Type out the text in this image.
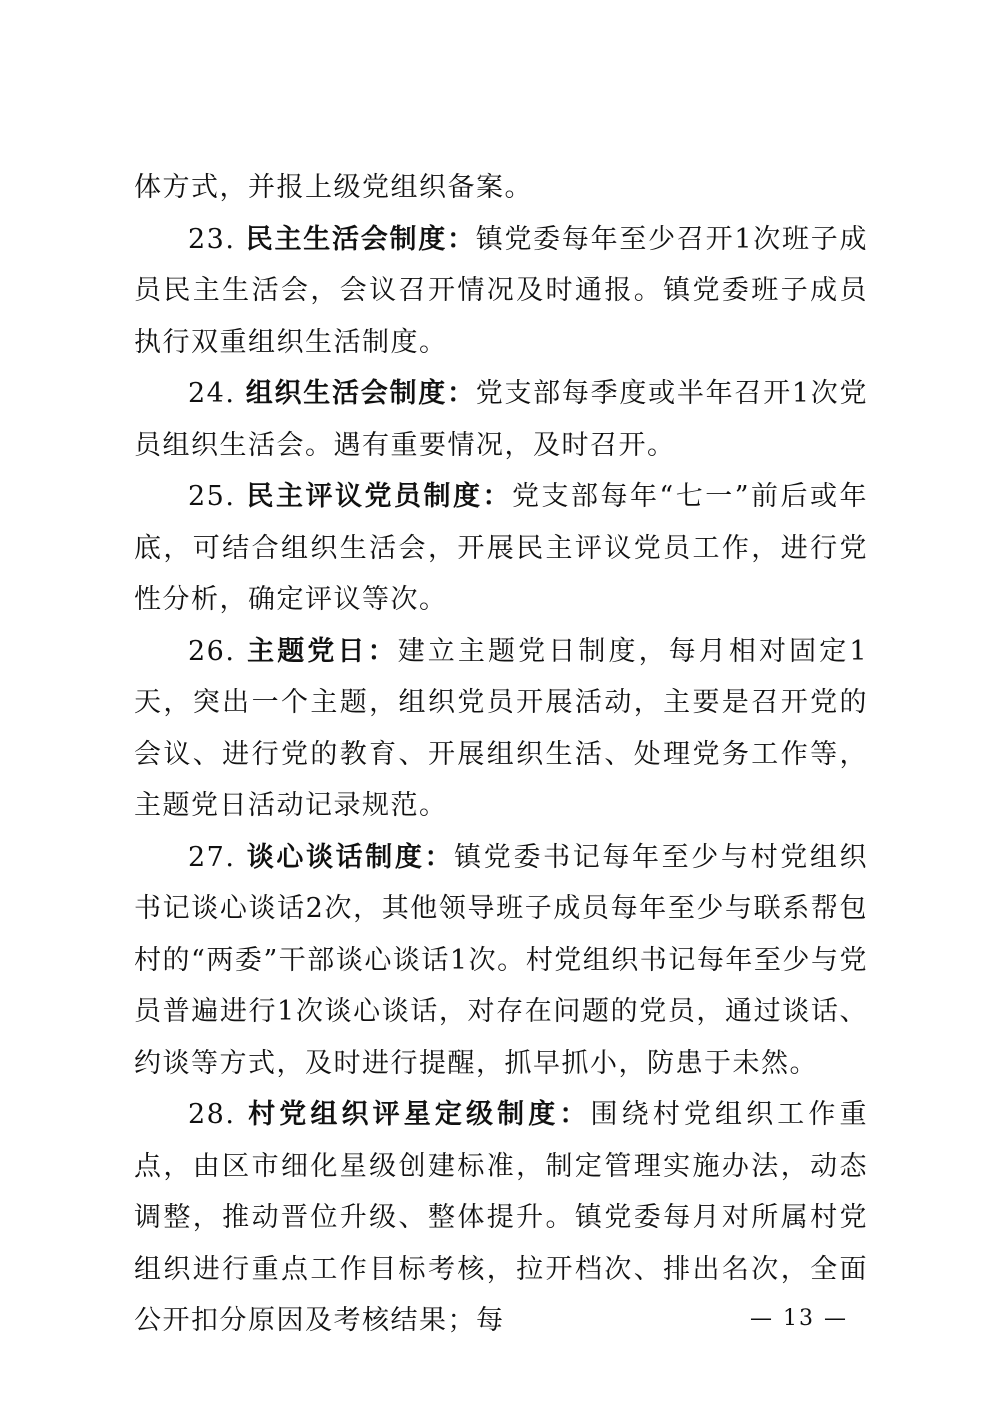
体方式，并报上级党组织备案。

23. 民主生活会制度：镇党委每年至少召开1次班子成员民主生活会，会议召开情况及时通报。镇党委班子成员执行双重组织生活制度。

24. 组织生活会制度：党支部每季度或半年召开1次党员组织生活会。遇有重要情况，及时召开。

25. 民主评议党员制度：党支部每年“七一”前后或年底，可结合组织生活会，开展民主评议党员工作，进行党性分析，确定评议等次。

26. 主题党日：建立主题党日制度，每月相对固定1天，突出一个主题，组织党员开展活动，主要是召开党的会议、进行党的教育、开展组织生活、处理党务工作等，主题党日活动记录规范。

27. 谈心谈话制度：镇党委书记每年至少与村党组织书记谈心谈话2次，其他领导班子成员每年至少与联系帮包村的“两委”干部谈心谈话1次。村党组织书记每年至少与党员普遍进行1次谈心谈话，对存在问题的党员，通过谈话、约谈等方式，及时进行提醒，抓早抓小，防患于未然。

28. 村党组织评星定级制度：围绕村党组织工作重点，由区市细化星级创建标准，制定管理实施办法，动态调整，推动晋位升级、整体提升。镇党委每月对所属村党组织进行重点工作目标考核，拉开档次、排出名次，全面公开扣分原因及考核结果；每	— 13 —
